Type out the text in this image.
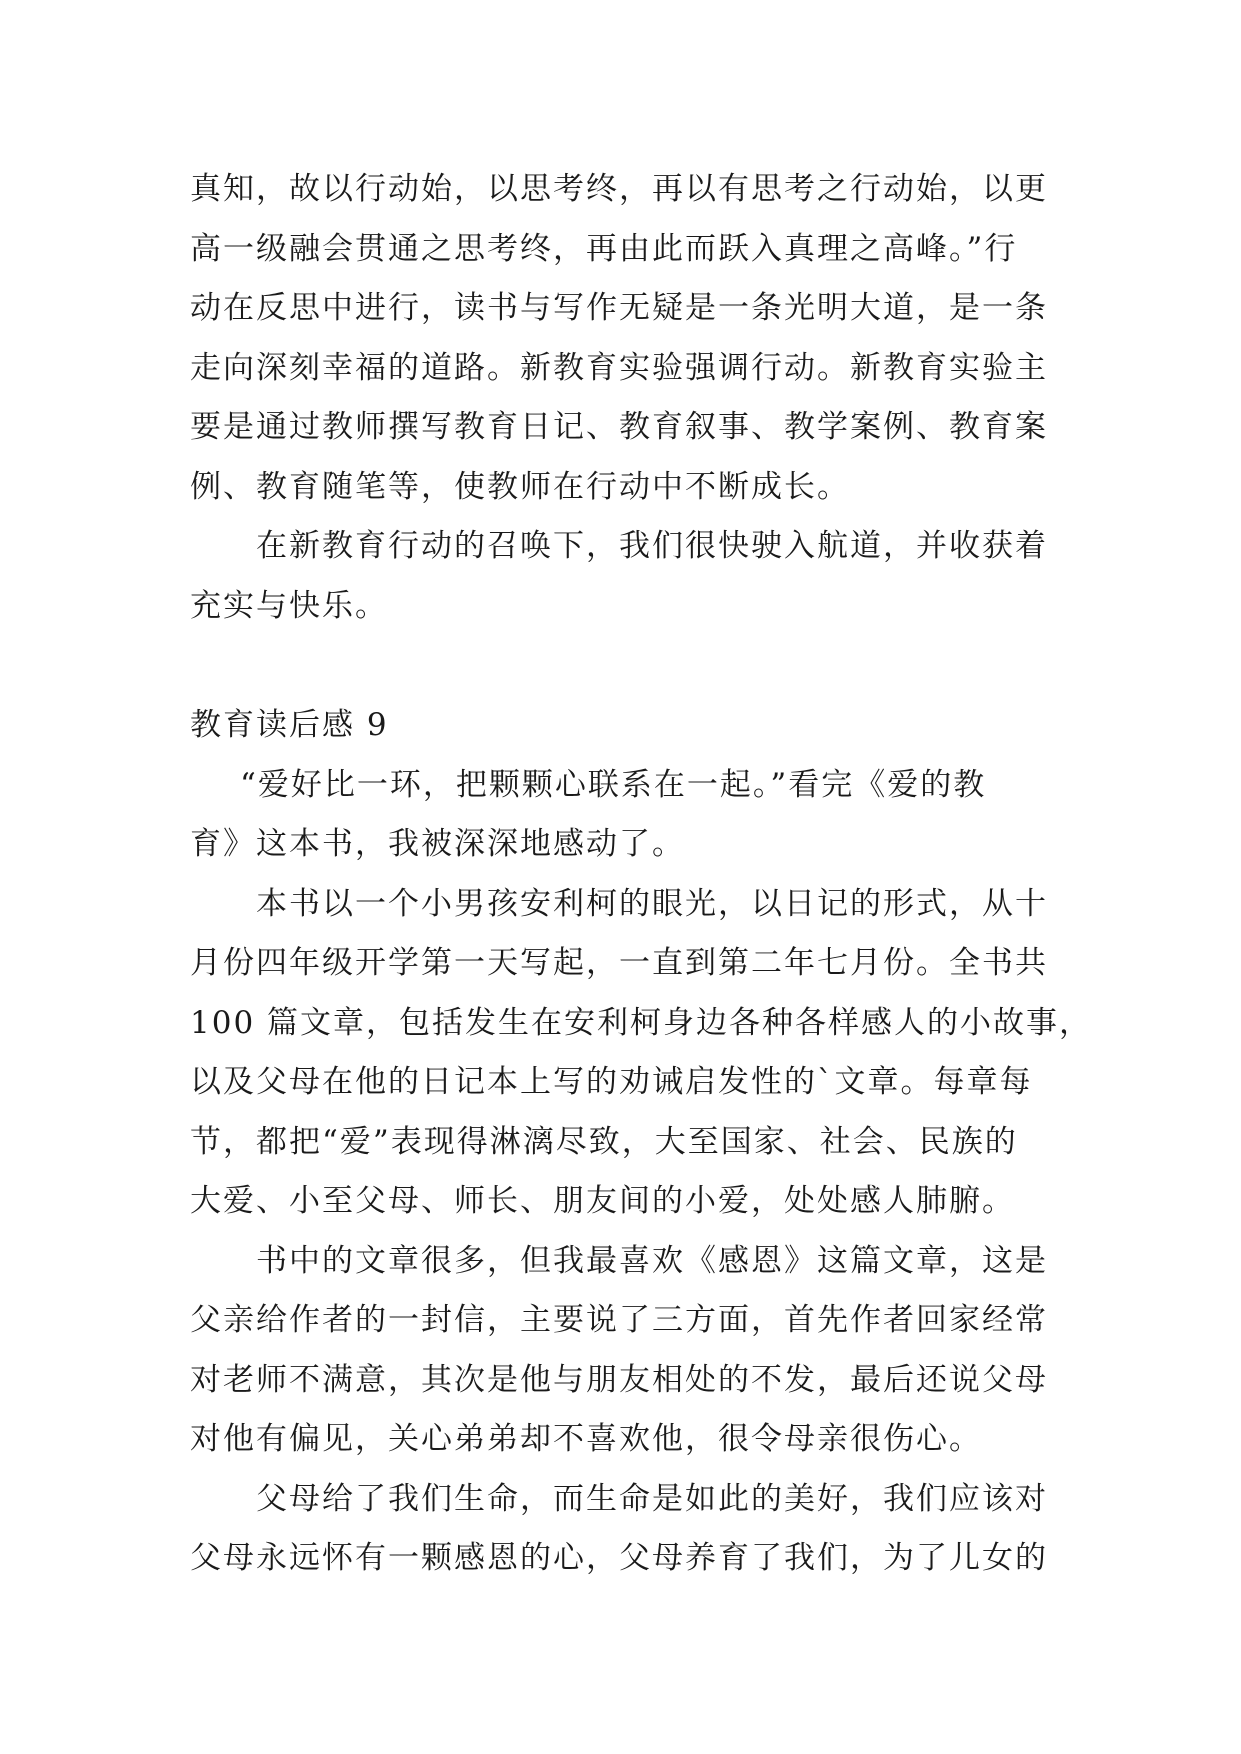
真知，故以行动始，以思考终，再以有思考之行动始，以更
高一级融会贯通之思考终，再由此而跃入真理之高峰。”行
动在反思中进行，读书与写作无疑是一条光明大道，是一条
走向深刻幸福的道路。新教育实验强调行动。新教育实验主
要是通过教师撰写教育日记、教育叙事、教学案例、教育案
例、教育随笔等，使教师在行动中不断成长。
在新教育行动的召唤下，我们很快驶入航道，并收获着
充实与快乐。
教育读后感 9
“爱好比一环，把颗颗心联系在一起。”看完《爱的教
育》这本书，我被深深地感动了。
本书以一个小男孩安利柯的眼光，以日记的形式，从十
月份四年级开学第一天写起，一直到第二年七月份。全书共
100 篇文章，包括发生在安利柯身边各种各样感人的小故事，
以及父母在他的日记本上写的劝诫启发性的`文章。每章每
节，都把“爱”表现得淋漓尽致，大至国家、社会、民族的
大爱、小至父母、师长、朋友间的小爱，处处感人肺腑。
书中的文章很多，但我最喜欢《感恩》这篇文章，这是
父亲给作者的一封信，主要说了三方面，首先作者回家经常
对老师不满意，其次是他与朋友相处的不发，最后还说父母
对他有偏见，关心弟弟却不喜欢他，很令母亲很伤心。
父母给了我们生命，而生命是如此的美好，我们应该对
父母永远怀有一颗感恩的心，父母养育了我们，为了儿女的
